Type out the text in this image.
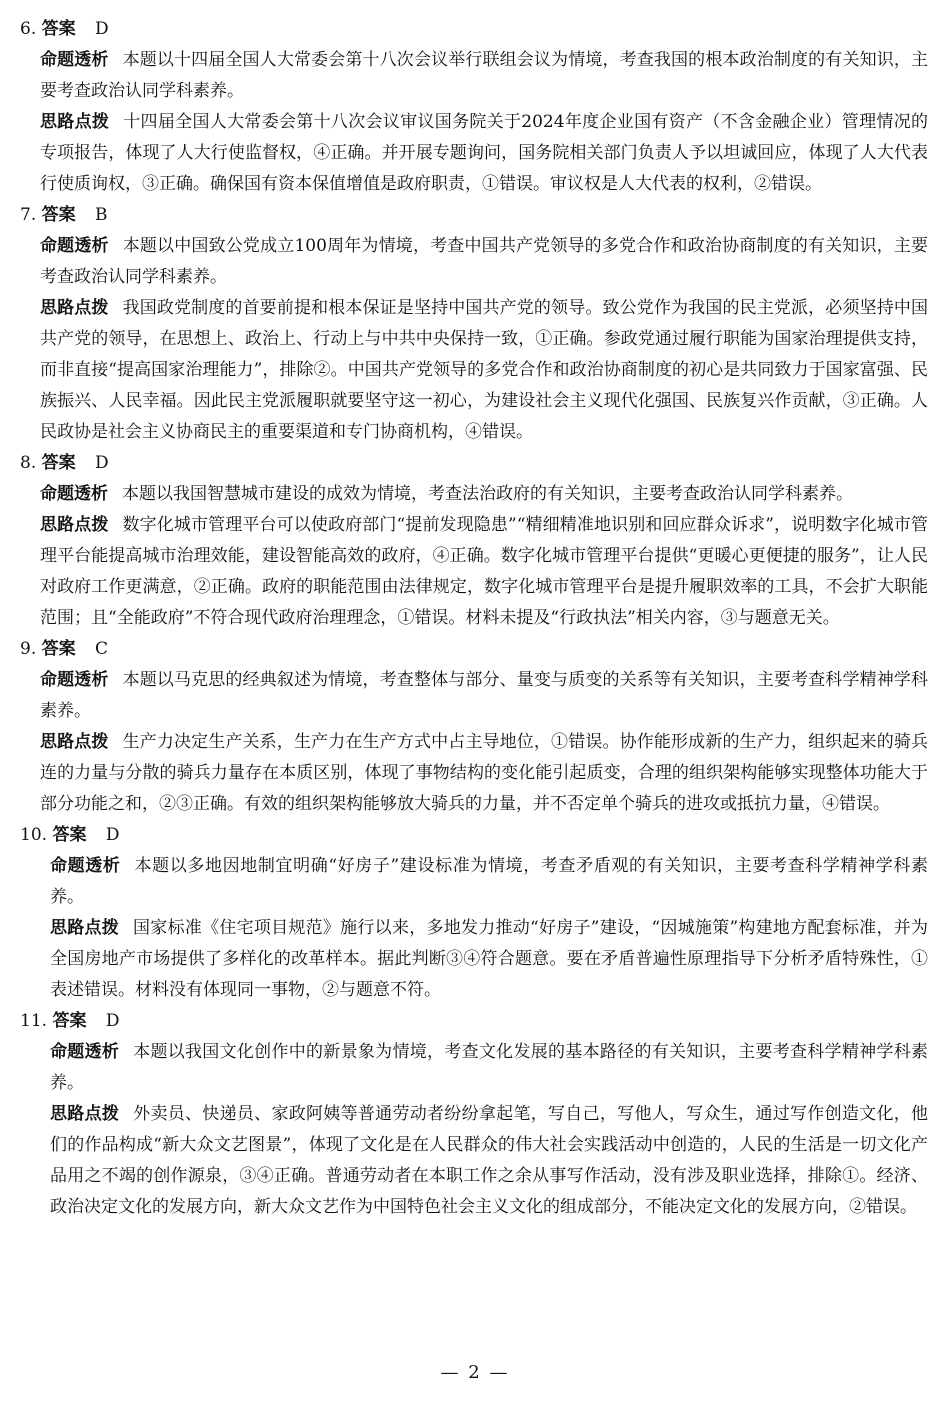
6. 答案 D
命题透析 本题以十四届全国人大常委会第十八次会议举行联组会议为情境，考查我国的根本政治制度的有关知识，主要考查政治认同学科素养。
思路点拨 十四届全国人大常委会第十八次会议审议国务院关于2024年度企业国有资产（不含金融企业）管理情况的专项报告，体现了人大行使监督权，④正确。并开展专题询问，国务院相关部门负责人予以坦诚回应，体现了人大代表行使质询权，③正确。确保国有资本保值增值是政府职责，①错误。审议权是人大代表的权利，②错误。
7. 答案 B
命题透析 本题以中国致公党成立100周年为情境，考查中国共产党领导的多党合作和政治协商制度的有关知识，主要考查政治认同学科素养。
思路点拨 我国政党制度的首要前提和根本保证是坚持中国共产党的领导。致公党作为我国的民主党派，必须坚持中国共产党的领导，在思想上、政治上、行动上与中共中央保持一致，①正确。参政党通过履行职能为国家治理提供支持，而非直接“提高国家治理能力”，排除②。中国共产党领导的多党合作和政治协商制度的初心是共同致力于国家富强、民族振兴、人民幸福。因此民主党派履职就要坚守这一初心，为建设社会主义现代化强国、民族复兴作贡献，③正确。人民政协是社会主义协商民主的重要渠道和专门协商机构，④错误。
8. 答案 D
命题透析 本题以我国智慧城市建设的成效为情境，考查法治政府的有关知识，主要考查政治认同学科素养。
思路点拨 数字化城市管理平台可以使政府部门“提前发现隐患”“精细精准地识别和回应群众诉求”，说明数字化城市管理平台能提高城市治理效能，建设智能高效的政府，④正确。数字化城市管理平台提供“更暖心更便捷的服务”，让人民对政府工作更满意，②正确。政府的职能范围由法律规定，数字化城市管理平台是提升履职效率的工具，不会扩大职能范围；且“全能政府”不符合现代政府治理理念，①错误。材料未提及“行政执法”相关内容，③与题意无关。
9. 答案 C
命题透析 本题以马克思的经典叙述为情境，考查整体与部分、量变与质变的关系等有关知识，主要考查科学精神学科素养。
思路点拨 生产力决定生产关系，生产力在生产方式中占主导地位，①错误。协作能形成新的生产力，组织起来的骑兵连的力量与分散的骑兵力量存在本质区别，体现了事物结构的变化能引起质变，合理的组织架构能够实现整体功能大于部分功能之和，②③正确。有效的组织架构能够放大骑兵的力量，并不否定单个骑兵的进攻或抵抗力量，④错误。
10. 答案 D
命题透析 本题以多地因地制宜明确“好房子”建设标准为情境，考查矛盾观的有关知识，主要考查科学精神学科素养。
思路点拨 国家标准《住宅项目规范》施行以来，多地发力推动“好房子”建设，“因城施策”构建地方配套标准，并为全国房地产市场提供了多样化的改革样本。据此判断③④符合题意。要在矛盾普遍性原理指导下分析矛盾特殊性，①表述错误。材料没有体现同一事物，②与题意不符。
11. 答案 D
命题透析 本题以我国文化创作中的新景象为情境，考查文化发展的基本路径的有关知识，主要考查科学精神学科素养。
思路点拨 外卖员、快递员、家政阿姨等普通劳动者纷纷拿起笔，写自己，写他人，写众生，通过写作创造文化，他们的作品构成“新大众文艺图景”，体现了文化是在人民群众的伟大社会实践活动中创造的，人民的生活是一切文化产品用之不竭的创作源泉，③④正确。普通劳动者在本职工作之余从事写作活动，没有涉及职业选择，排除①。经济、政治决定文化的发展方向，新大众文艺作为中国特色社会主义文化的组成部分，不能决定文化的发展方向，②错误。
— 2 —
